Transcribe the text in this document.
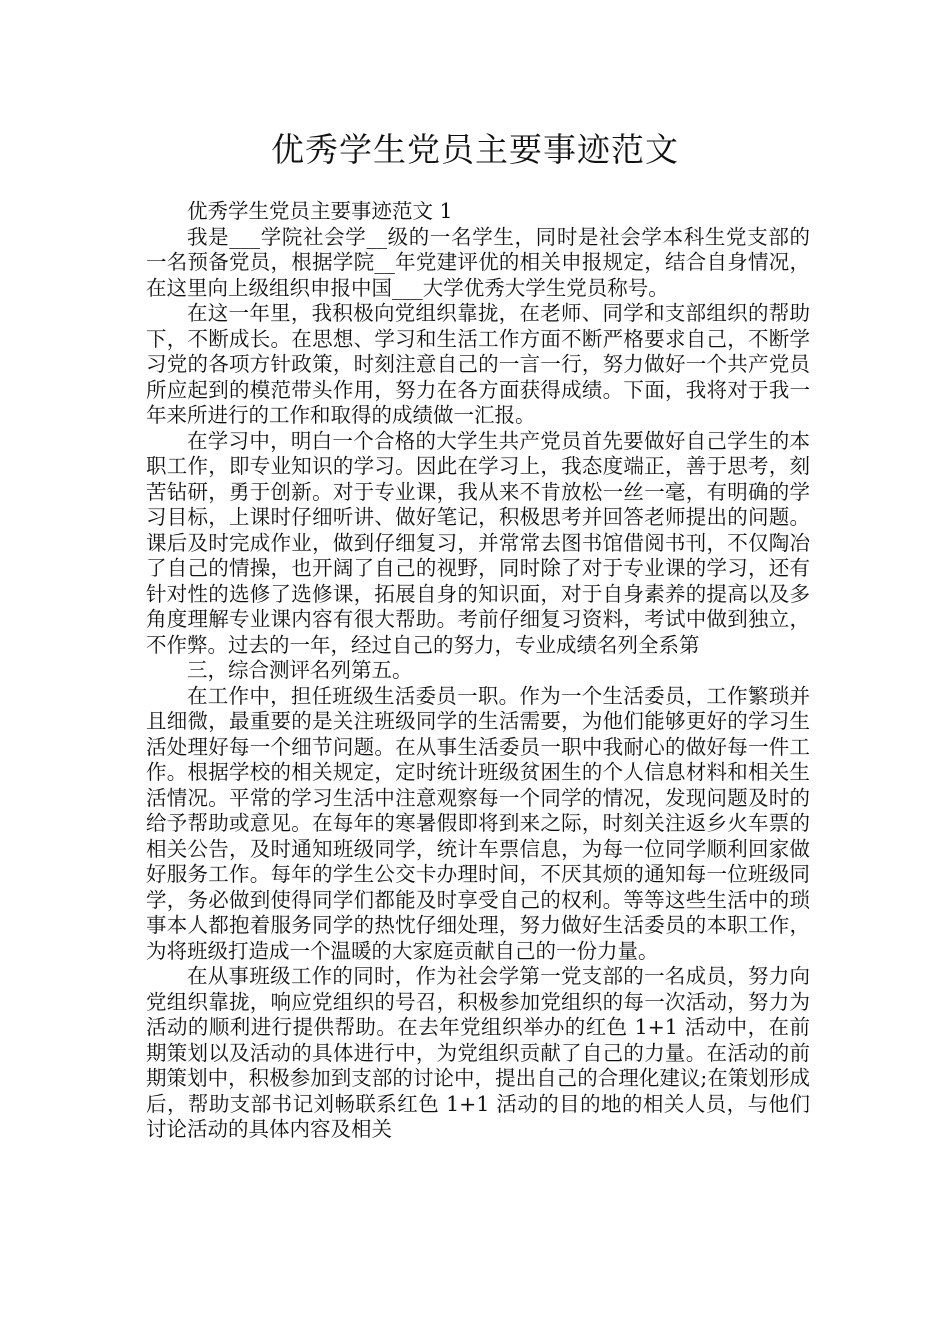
优秀学生党员主要事迹范文

优秀学生党员主要事迹范文 1

我是___学院社会学__级的一名学生，同时是社会学本科生党支部的一名预备党员，根据学院__年党建评优的相关申报规定，结合自身情况，在这里向上级组织申报中国___大学优秀大学生党员称号。

在这一年里，我积极向党组织靠拢，在老师、同学和支部组织的帮助下，不断成长。在思想、学习和生活工作方面不断严格要求自己，不断学习党的各项方针政策，时刻注意自己的一言一行，努力做好一个共产党员所应起到的模范带头作用，努力在各方面获得成绩。下面，我将对于我一年来所进行的工作和取得的成绩做一汇报。

在学习中，明白一个合格的大学生共产党员首先要做好自己学生的本职工作，即专业知识的学习。因此在学习上，我态度端正，善于思考，刻苦钻研，勇于创新。对于专业课，我从来不肯放松一丝一毫，有明确的学习目标，上课时仔细听讲、做好笔记，积极思考并回答老师提出的问题。课后及时完成作业，做到仔细复习，并常常去图书馆借阅书刊，不仅陶冶了自己的情操，也开阔了自己的视野，同时除了对于专业课的学习，还有针对性的选修了选修课，拓展自身的知识面，对于自身素养的提高以及多角度理解专业课内容有很大帮助。考前仔细复习资料，考试中做到独立，不作弊。过去的一年，经过自己的努力，专业成绩名列全系第

三，综合测评名列第五。

在工作中，担任班级生活委员一职。作为一个生活委员，工作繁琐并且细微，最重要的是关注班级同学的生活需要，为他们能够更好的学习生活处理好每一个细节问题。在从事生活委员一职中我耐心的做好每一件工作。根据学校的相关规定，定时统计班级贫困生的个人信息材料和相关生活情况。平常的学习生活中注意观察每一个同学的情况，发现问题及时的给予帮助或意见。在每年的寒暑假即将到来之际，时刻关注返乡火车票的相关公告，及时通知班级同学，统计车票信息，为每一位同学顺利回家做好服务工作。每年的学生公交卡办理时间，不厌其烦的通知每一位班级同学，务必做到使得同学们都能及时享受自己的权利。等等这些生活中的琐事本人都抱着服务同学的热忱仔细处理，努力做好生活委员的本职工作，为将班级打造成一个温暖的大家庭贡献自己的一份力量。

在从事班级工作的同时，作为社会学第一党支部的一名成员，努力向党组织靠拢，响应党组织的号召，积极参加党组织的每一次活动，努力为活动的顺利进行提供帮助。在去年党组织举办的红色 1+1 活动中，在前期策划以及活动的具体进行中，为党组织贡献了自己的力量。在活动的前期策划中，积极参加到支部的讨论中，提出自己的合理化建议;在策划形成后，帮助支部书记刘畅联系红色 1+1 活动的目的地的相关人员，与他们讨论活动的具体内容及相关
